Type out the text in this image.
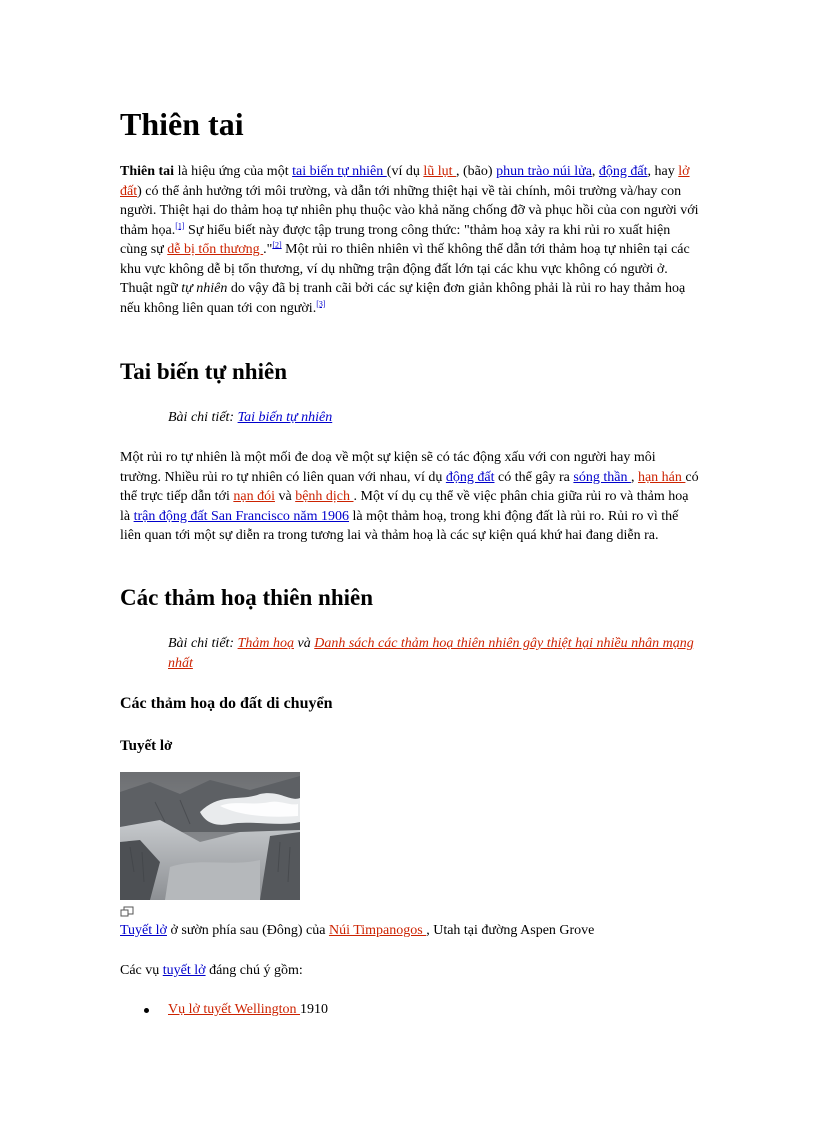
Thiên tai

Thiên tai là hiệu ứng của một tai biến tự nhiên (ví dụ lũ lụt , (bão) phun trào núi lửa, động đất, hay lở đất) có thể ảnh hưởng tới môi trường, và dẫn tới những thiệt hại về tài chính, môi trường và/hay con người. Thiệt hại do thảm hoạ tự nhiên phụ thuộc vào khả năng chống đỡ và phục hồi của con người với thảm họa.[1] Sự hiểu biết này được tập trung trong công thức: "thảm hoạ xảy ra khi rủi ro xuất hiện cùng sự dễ bị tổn thương ."[2] Một rủi ro thiên nhiên vì thế không thể dẫn tới thảm hoạ tự nhiên tại các khu vực không dễ bị tổn thương, ví dụ những trận động đất lớn tại các khu vực không có người ở. Thuật ngữ tự nhiên do vậy đã bị tranh cãi bởi các sự kiện đơn giản không phải là rủi ro hay thảm hoạ nếu không liên quan tới con người.[3]

Tai biến tự nhiên

Bài chi tiết: Tai biến tự nhiên

Một rủi ro tự nhiên là một mối đe doạ về một sự kiện sẽ có tác động xấu với con người hay môi trường. Nhiều rủi ro tự nhiên có liên quan với nhau, ví dụ động đất có thể gây ra sóng thần , hạn hán có thể trực tiếp dẫn tới nạn đói và bệnh dịch . Một ví dụ cụ thể về việc phân chia giữa rủi ro và thảm hoạ là trận động đất San Francisco năm 1906 là một thảm hoạ, trong khi động đất là rủi ro. Rủi ro vì thế liên quan tới một sự diễn ra trong tương lai và thảm hoạ là các sự kiện quá khứ hai đang diễn ra.

Các thảm hoạ thiên nhiên

Bài chi tiết: Thảm hoạ và Danh sách các thảm hoạ thiên nhiên gây thiệt hại nhiều nhân mạng nhất

Các thảm hoạ do đất di chuyển
Tuyết lở

Tuyết lở ở sườn phía sau (Đông) của Núi Timpanogos , Utah tại đường Aspen Grove

Các vụ tuyết lở đáng chú ý gồm:

Vụ lở tuyết Wellington 1910
